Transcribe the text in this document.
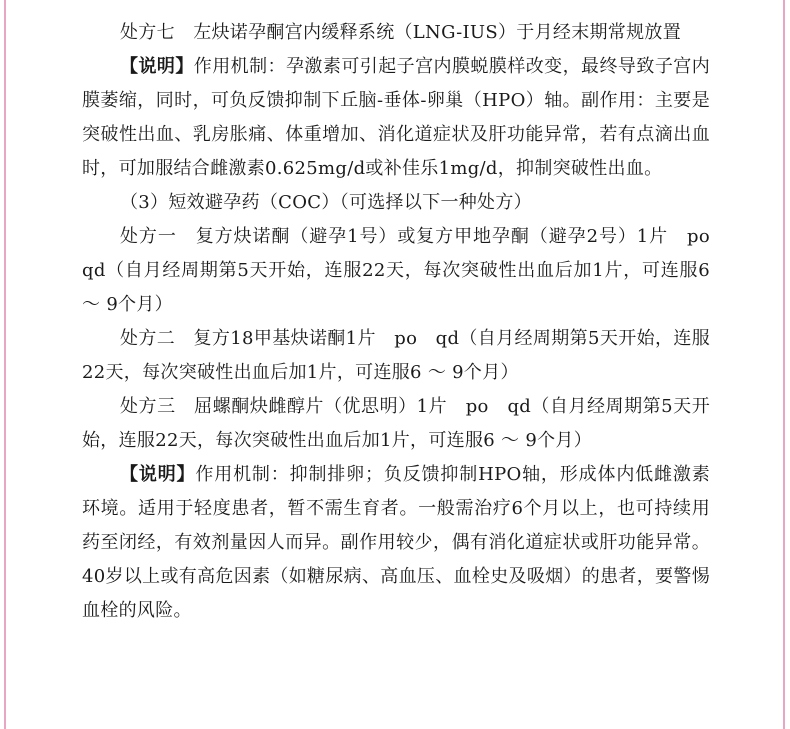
处方七　左炔诺孕酮宫内缓释系统（LNG-IUS）于月经末期常规放置

【说明】作用机制：孕激素可引起子宫内膜蜕膜样改变，最终导致子宫内膜萎缩，同时，可负反馈抑制下丘脑-垂体-卵巢（HPO）轴。副作用：主要是突破性出血、乳房胀痛、体重增加、消化道症状及肝功能异常，若有点滴出血时，可加服结合雌激素0.625mg/d或补佳乐1mg/d，抑制突破性出血。

（3）短效避孕药（COC）（可选择以下一种处方）

处方一　复方炔诺酮（避孕1号）或复方甲地孕酮（避孕2号）1片　po　qd（自月经周期第5天开始，连服22天，每次突破性出血后加1片，可连服6 ～ 9个月）

处方二　复方18甲基炔诺酮1片　po　qd（自月经周期第5天开始，连服22天，每次突破性出血后加1片，可连服6 ～ 9个月）

处方三　屈螺酮炔雌醇片（优思明）1片　po　qd（自月经周期第5天开始，连服22天，每次突破性出血后加1片，可连服6 ～ 9个月）

【说明】作用机制：抑制排卵；负反馈抑制HPO轴，形成体内低雌激素环境。适用于轻度患者，暂不需生育者。一般需治疗6个月以上，也可持续用药至闭经，有效剂量因人而异。副作用较少，偶有消化道症状或肝功能异常。40岁以上或有高危因素（如糖尿病、高血压、血栓史及吸烟）的患者，要警惕血栓的风险。
